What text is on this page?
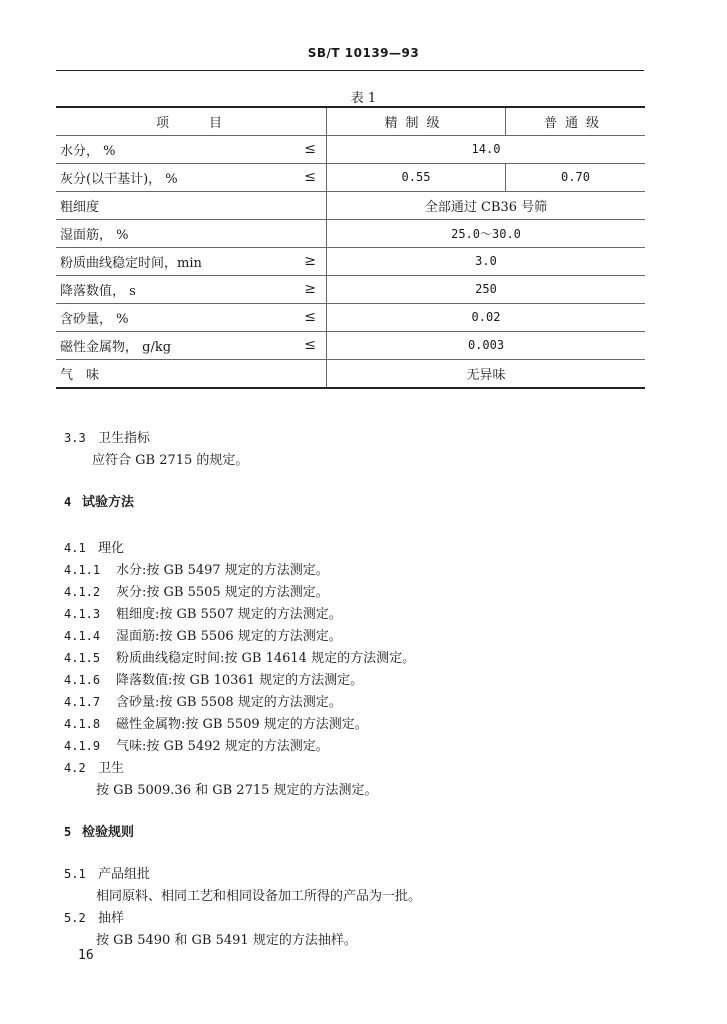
SB/T 10139—93
表 1
项目	精制级	普通级
水分， % ≤	14.0	
灰分(以干基计)， % ≤	0.55	0.70
粗细度	全部通过 CB36 号筛	
湿面筋， %	25.0～30.0	
粉质曲线稳定时间，min ≥	3.0	
降落数值， s ≥	250	
含砂量， % ≤	0.02	
磁性金属物， g/kg ≤	0.003	
气　味	无异味	
3.3 卫生指标
应符合 GB 2715 的规定。
4 试验方法
4.1 理化
4.1.1 水分:按 GB 5497 规定的方法测定。
4.1.2 灰分:按 GB 5505 规定的方法测定。
4.1.3 粗细度:按 GB 5507 规定的方法测定。
4.1.4 湿面筋:按 GB 5506 规定的方法测定。
4.1.5 粉质曲线稳定时间:按 GB 14614 规定的方法测定。
4.1.6 降落数值:按 GB 10361 规定的方法测定。
4.1.7 含砂量:按 GB 5508 规定的方法测定。
4.1.8 磁性金属物:按 GB 5509 规定的方法测定。
4.1.9 气味:按 GB 5492 规定的方法测定。
4.2 卫生
按 GB 5009.36 和 GB 2715 规定的方法测定。
5 检验规则
5.1 产品组批
相同原料、相同工艺和相同设备加工所得的产品为一批。
5.2 抽样
按 GB 5490 和 GB 5491 规定的方法抽样。
16
